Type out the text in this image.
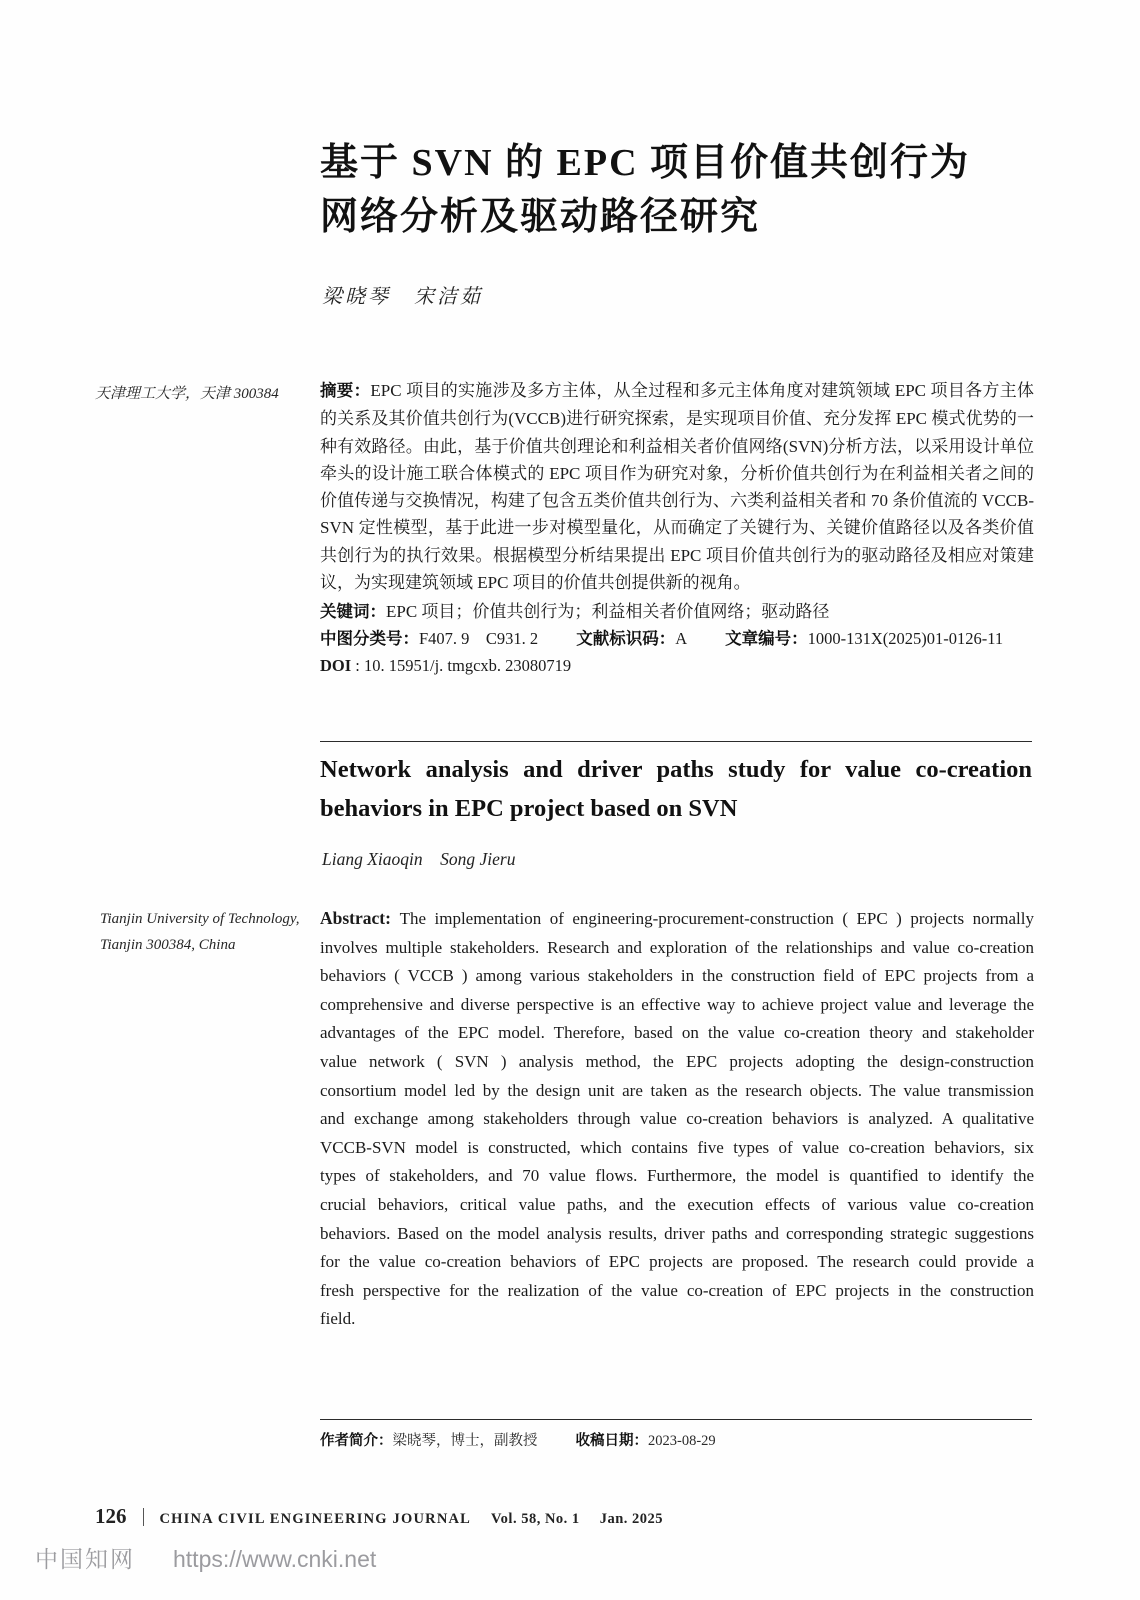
天津理工大学，天津 300384
Tianjin University of Technology,
Tianjin 300384, China
基于 SVN 的 EPC 项目价值共创行为
网络分析及驱动路径研究
梁晓琴　宋洁茹

摘要：EPC 项目的实施涉及多方主体，从全过程和多元主体角度对建筑领域 EPC 项目各方主体的关系及其价值共创行为(VCCB)进行研究探索，是实现项目价值、充分发挥 EPC 模式优势的一种有效路径。由此，基于价值共创理论和利益相关者价值网络(SVN)分析方法，以采用设计单位牵头的设计施工联合体模式的 EPC 项目作为研究对象，分析价值共创行为在利益相关者之间的价值传递与交换情况，构建了包含五类价值共创行为、六类利益相关者和 70 条价值流的 VCCB-SVN 定性模型，基于此进一步对模型量化，从而确定了关键行为、关键价值路径以及各类价值共创行为的执行效果。根据模型分析结果提出 EPC 项目价值共创行为的驱动路径及相应对策建议，为实现建筑领域 EPC 项目的价值共创提供新的视角。

关键词：EPC 项目；价值共创行为；利益相关者价值网络；驱动路径

中图分类号：F407. 9    C931. 2 文献标识码：A 文章编号：1000-131X(2025)01-0126-11

DOI : 10. 15951/j. tmgcxb. 23080719

Network analysis and driver paths study for value co-creation
behaviors in EPC project based on SVN
Liang Xiaoqin    Song Jieru

Abstract: The implementation of engineering-procurement-construction ( EPC ) projects normally involves multiple stakeholders. Research and exploration of the relationships and value co-creation behaviors ( VCCB ) among various stakeholders in the construction field of EPC projects from a comprehensive and diverse perspective is an effective way to achieve project value and leverage the advantages of the EPC model. Therefore, based on the value co-creation theory and stakeholder value network ( SVN ) analysis method, the EPC projects adopting the design-construction consortium model led by the design unit are taken as the research objects. The value transmission and exchange among stakeholders through value co-creation behaviors is analyzed. A qualitative VCCB-SVN model is constructed, which contains five types of value co-creation behaviors, six types of stakeholders, and 70 value flows. Furthermore, the model is quantified to identify the crucial behaviors, critical value paths, and the execution effects of various value co-creation behaviors. Based on the model analysis results, driver paths and corresponding strategic suggestions for the value co-creation behaviors of EPC projects are proposed. The research could provide a fresh perspective for the realization of the value co-creation of EPC projects in the construction field.

作者简介：梁晓琴，博士，副教授	收稿日期：2023-08-29

126 CHINA CIVIL ENGINEERING JOURNAL Vol. 58, No. 1 Jan. 2025
中国知网 https://www.cnki.net
